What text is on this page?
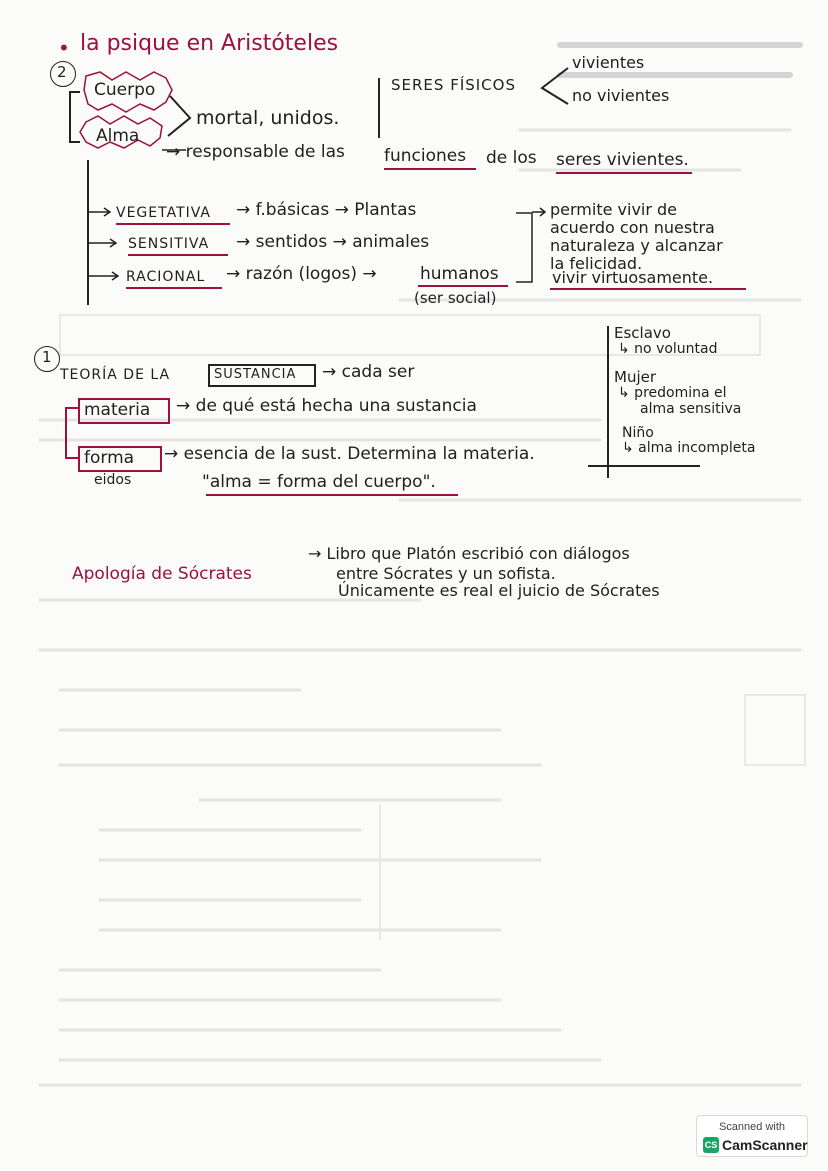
• la psique en Aristóteles
2
Cuerpo
Alma
mortal, unidos.
SERES FÍSICOS
vivientes
no vivientes
→ responsable de las funciones de los seres vivientes.
VEGETATIVA → f.básicas → Plantas
SENSITIVA → sentidos → animales
RACIONAL → razón (logos) →	humanos
(ser social)
permite vivir de
acuerdo con nuestra
naturaleza y alcanzar
la felicidad.
vivir virtuosamente.
1
TEORÍA DE LA	SUSTANCIA → cada ser
materia → de qué está hecha una sustancia
forma → esencia de la sust. Determina la materia.
eidos	"alma = forma del cuerpo".
Esclavo
↳ no voluntad
Mujer
↳ predomina el
alma sensitiva
Niño
↳ alma incompleta
Apología de Sócrates
→ Libro que Platón escribió con diálogos
entre Sócrates y un sofista.
Únicamente es real el juicio de Sócrates
Scanned with
CS CamScanner
